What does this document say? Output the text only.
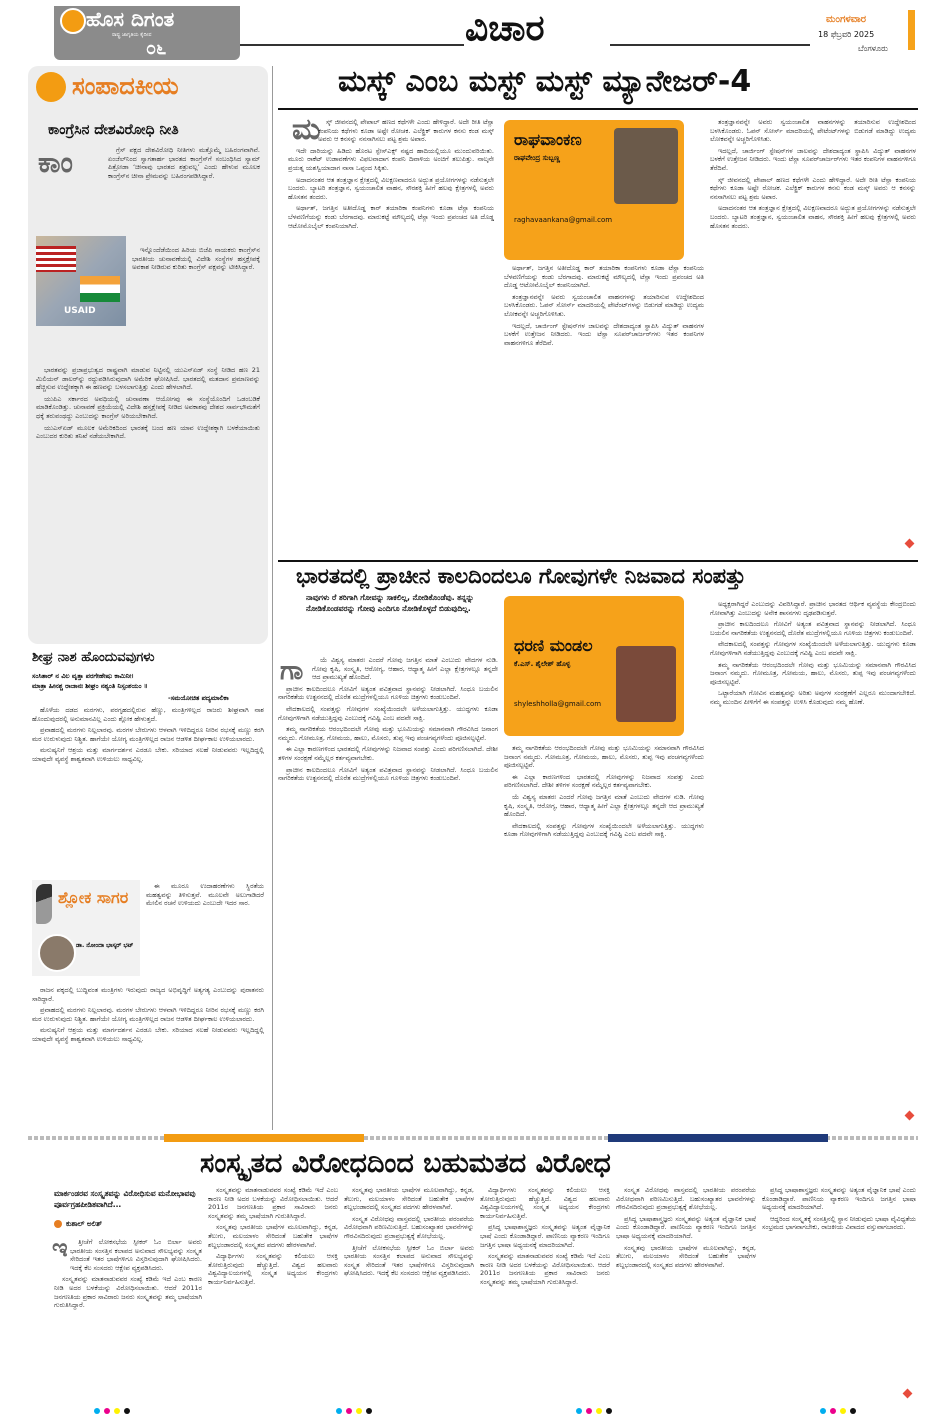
ಹೊಸ ದಿಗಂತ
ರಾಷ್ಟ್ರ ಜಾಗೃತಿಯ ಕೈದೀಪ
೦೬	ವಿಚಾರ	ಮಂಗಳವಾರ
18 ಫೆಬ್ರವರಿ 2025
ಬೆಂಗಳೂರು
ಸಂಪಾದಕೀಯ
ಕಾಂಗ್ರೆಸಿನ ದೇಶವಿರೋಧಿ ನೀತಿ
ಕಾಂ	ಗ್ರೆಸ್ ಪಕ್ಷದ ದೇಶವಿರೋಧಿ ನೀತಿಗಳು ಮತ್ತೊಮ್ಮೆ ಬಹಿರಂಗವಾಗಿವೆ. ಏಂಜೆಲ್‌ನಿಂದ ಸ್ವಾಗತಾರ್ಹ ಭಾರತದ ಕಾಂಗ್ರೆಸ್‌ಗೆ ಸಂಬಂಧಿಸಿದ ಸ್ಯಾಮ್ ಪಿತ್ರೋಡಾ ‘ಚೀನಾವು ಭಾರತದ ಶತ್ರುವಲ್ಲ’ ಎಂದು ಹೇಳುವ ಮೂಲಕ ಕಾಂಗ್ರೆಸ್‌ನ ಚೀನಾ ಪ್ರೇಮವನ್ನು ಬಹಿರಂಗಪಡಿಸಿದ್ದಾರೆ.

USAID

ಇನ್ನೊಂದೆಡೆಯಿಂದ ಹಿರಿಯ ಬಿಜೆಪಿ ನಾಯಕರು ಕಾಂಗ್ರೆಸ್‌ನ ಭಾರತೀಯ ಚುನಾವಣೆಯಲ್ಲಿ ವಿದೇಶಿ ಸಂಸ್ಥೆಗಳ ಹಸ್ತಕ್ಷೇಪಕ್ಕೆ ಅವಕಾಶ ನೀಡಿರುವ ಕುರಿತು ಕಾಂಗ್ರೆಸ್ ಪಕ್ಷವನ್ನು ಟೀಕಿಸಿದ್ದಾರೆ.

ಭಾರತವನ್ನು ಪ್ರಜಾಪ್ರಭುತ್ವದ ರಾಷ್ಟ್ರವಾಗಿ ಮಾಡುವ ನಿಟ್ಟಿನಲ್ಲಿ ಯುಎಸ್‌ಏಡ್ ಸಂಸ್ಥೆ ನೀಡಿದ ಹಣ 21 ಮಿಲಿಯನ್ ಡಾಲರ್‌ನ್ನು ರದ್ದುಪಡಿಸಿರುವುದಾಗಿ ಅಮೆರಿಕ ಘೋಷಿಸಿದೆ. ಭಾರತದಲ್ಲಿ ಮತದಾನ ಪ್ರಮಾಣವನ್ನು ಹೆಚ್ಚಿಸುವ ಉದ್ದೇಶಕ್ಕಾಗಿ ಈ ಹಣವನ್ನು ಬಳಸಲಾಗುತ್ತಿತ್ತು ಎಂದು ಹೇಳಲಾಗಿದೆ.

ಯುಪಿಎ ಸರ್ಕಾರದ ಅವಧಿಯಲ್ಲಿ ಚುನಾವಣಾ ಆಯೋಗವು ಈ ಸಂಸ್ಥೆಯೊಂದಿಗೆ ಒಡಂಬಡಿಕೆ ಮಾಡಿಕೊಂಡಿತ್ತು. ಚುನಾವಣೆ ಪ್ರಕ್ರಿಯೆಯಲ್ಲಿ ವಿದೇಶಿ ಹಸ್ತಕ್ಷೇಪಕ್ಕೆ ನೀಡಿದ ಅವಕಾಶವು ದೇಶದ ಸಾರ್ವಭೌಮತೆಗೆ ಧಕ್ಕೆ ತರುವಂಥದ್ದು ಎಂಬುದನ್ನು ಕಾಂಗ್ರೆಸ್ ಅರಿಯಬೇಕಾಗಿದೆ.

ಯುಎಸ್‌ಏಡ್ ಮೂಲಕ ಅಮೆರಿಕದಿಂದ ಭಾರತಕ್ಕೆ ಬಂದ ಹಣ ಯಾವ ಉದ್ದೇಶಕ್ಕಾಗಿ ಬಳಕೆಯಾಯಿತು ಎಂಬುದರ ಕುರಿತು ತನಿಖೆ ನಡೆಯಬೇಕಾಗಿದೆ.

ಶೀಘ್ರ ನಾಶ ಹೊಂದುವವುಗಳು
ಸಂಸಿತಾರ್ ನ ವಿಲ ವೃತ್ತಾ ಪರಗೇಹೇಷು ಕಾಮಿನೀ।
ಮಾತ್ರಾ ಹೀನಶ್ಚ ರಾಜಾನಃ ಶೀಘ್ರಂ ನಶ್ಯಂತಿ ನಿಸ್ಸಂಶಯಂ ॥
-ಸಮಯೋಚಿತ ಪದ್ಯಮಾಲಿಕಾ

ಹೊಳೆಯ ದಡದ ಮರಗಳು, ಪರಗೃಹದಲ್ಲಿರುವ ಹೆಣ್ಣು, ಮಂತ್ರಿಗಳಿಲ್ಲದ ರಾಜರು ಶೀಘ್ರವಾಗಿ ನಾಶ ಹೊಂದುವುದರಲ್ಲಿ ಅನುಮಾನವಿಲ್ಲ ಎಂದು ಶ್ಲೋಕ ಹೇಳುತ್ತದೆ.

ಪ್ರವಾಹದಲ್ಲಿ ಮರಗಳು ನಿಲ್ಲಲಾರವು. ಮರಗಳ ಬೇರುಗಳು ಆಳವಾಗಿ ಇಳಿದಿದ್ದರೂ ನೀರಿನ ರಭಸಕ್ಕೆ ಮಣ್ಣು ಕರಗಿ ಮರ ಉರುಳುವುದು ನಿಶ್ಚಿತ. ಹಾಗೆಯೇ ಯೋಗ್ಯ ಮಂತ್ರಿಗಳಿಲ್ಲದ ರಾಜನ ಆಡಳಿತ ದೀರ್ಘಕಾಲ ಉಳಿಯಲಾರದು.

ಮನುಷ್ಯನಿಗೆ ಆಶ್ರಯ ಮತ್ತು ಮಾರ್ಗದರ್ಶನ ಎರಡೂ ಬೇಕು. ಸರಿಯಾದ ಸಲಹೆ ನೀಡುವವರು ಇಲ್ಲದಿದ್ದಲ್ಲಿ ಯಾವುದೇ ವ್ಯವಸ್ಥೆ ಶಾಶ್ವತವಾಗಿ ಉಳಿಯಲು ಸಾಧ್ಯವಿಲ್ಲ.

ಶ್ಲೋಕ ಸಾಗರ
ಡಾ. ನೋಂದಾ ಭಾಸ್ಕರ್ ಭಟ್

ಈ ಮೂರೂ ಉದಾಹರಣೆಗಳು ಸ್ಥಿರತೆಯ ಮಹತ್ವವನ್ನು ತಿಳಿಸುತ್ತವೆ. ಮೂಲವೇ ಅಲುಗಾಡಿದರೆ ಮೇಲಿನ ರಚನೆ ಉಳಿಯದು ಎಂಬುದೇ ಇದರ ಸಾರ.

ರಾಜನ ಪಕ್ಕದಲ್ಲಿ ಬುದ್ಧಿವಂತ ಮಂತ್ರಿಗಳು ಇರುವುದು ರಾಜ್ಯದ ಅಭಿವೃದ್ಧಿಗೆ ಅತ್ಯಗತ್ಯ ಎಂಬುದನ್ನು ಪುರಾತನರು ಸಾರಿದ್ದಾರೆ.

ಪ್ರವಾಹದಲ್ಲಿ ಮರಗಳು ನಿಲ್ಲಲಾರವು. ಮರಗಳ ಬೇರುಗಳು ಆಳವಾಗಿ ಇಳಿದಿದ್ದರೂ ನೀರಿನ ರಭಸಕ್ಕೆ ಮಣ್ಣು ಕರಗಿ ಮರ ಉರುಳುವುದು ನಿಶ್ಚಿತ. ಹಾಗೆಯೇ ಯೋಗ್ಯ ಮಂತ್ರಿಗಳಿಲ್ಲದ ರಾಜನ ಆಡಳಿತ ದೀರ್ಘಕಾಲ ಉಳಿಯಲಾರದು.

ಮನುಷ್ಯನಿಗೆ ಆಶ್ರಯ ಮತ್ತು ಮಾರ್ಗದರ್ಶನ ಎರಡೂ ಬೇಕು. ಸರಿಯಾದ ಸಲಹೆ ನೀಡುವವರು ಇಲ್ಲದಿದ್ದಲ್ಲಿ ಯಾವುದೇ ವ್ಯವಸ್ಥೆ ಶಾಶ್ವತವಾಗಿ ಉಳಿಯಲು ಸಾಧ್ಯವಿಲ್ಲ.

ಮಸ್ಕ್ ಎಂಬ ಮಸ್ಟ್ ಮಸ್ಟ್ ಮ್ಯಾನೇಜರ್-4
ಮ ಸ್ಕ್ ಜೀವನದಲ್ಲಿ ಪೇಪಾಲ್ ಹಣದ ಕಥೆಗಳೇ ಎಂದು ಹೇಳಿದ್ದಾರೆ. ಅದೇ ರೀತಿ ಟೆಸ್ಲಾ ಕಂಪನಿಯ ಕಥೆಗಳು ಕೂಡಾ ಅಷ್ಟೇ ರೋಚಕ. ಎಲೆಕ್ಟ್ರಿಕ್ ಕಾರುಗಳ ಕನಸು ಕಂಡ ಮಸ್ಕ್ ಅವರು ಆ ಕನಸನ್ನು ನನಸಾಗಿಸಲು ಪಟ್ಟ ಶ್ರಮ ಅಪಾರ.

ಇದೇ ದಾರಿಯನ್ನು ಹಿಡಿದು ಹೊರಟ ಸ್ಪೇಸ್‌ಎಕ್ಸ್ ನಷ್ಟದ ಹಾದಿಯಲ್ಲಿಯೂ ಮುಂದುವರಿಯಿತು. ಮೂರು ರಾಕೆಟ್ ಉಡಾವಣೆಗಳು ವಿಫಲವಾದಾಗ ಕಂಪನಿ ದಿವಾಳಿಯ ಅಂಚಿಗೆ ತಲುಪಿತ್ತು. ನಾಲ್ಕನೇ ಪ್ರಯತ್ನ ಯಶಸ್ವಿಯಾದಾಗ ನಾಸಾ ಒಪ್ಪಂದ ಸಿಕ್ಕಿತು.

ಅದಾದನಂತರ ಆತ ತಂತ್ರಜ್ಞಾನ ಕ್ಷೇತ್ರದಲ್ಲಿ ವಿಲಕ್ಷಣವಾದರೂ ಅದ್ಭುತ ಪ್ರಯೋಗಗಳನ್ನು ನಡೆಸುತ್ತಲೇ ಬಂದರು. ಬ್ಯಾಟರಿ ತಂತ್ರಜ್ಞಾನ, ಸ್ವಯಂಚಾಲಿತ ವಾಹನ, ಸೌರಶಕ್ತಿ ಹೀಗೆ ಹಲವು ಕ್ಷೇತ್ರಗಳಲ್ಲಿ ಅವರು ಹೊಸತನ ತಂದರು.

ಅರ್ಥಾತ್, ಜಗತ್ತಿನ ಅತೀದೊಡ್ಡ ಕಾರ್ ತಯಾರಿಕಾ ಕಂಪನಿಗಳು ಕೂಡಾ ಟೆಸ್ಲಾ ಕಂಪನಿಯ ಬೆಳವಣಿಗೆಯನ್ನು ಕಂಡು ಬೆರಗಾದವು. ಮಾರುಕಟ್ಟೆ ಮೌಲ್ಯದಲ್ಲಿ ಟೆಸ್ಲಾ ಇಂದು ಪ್ರಪಂಚದ ಅತಿ ದೊಡ್ಡ ಆಟೋಮೊಬೈಲ್ ಕಂಪನಿಯಾಗಿದೆ.

ರಾಘವಾಂಕಣ
ರಾಘವೇಂದ್ರ ಸುಬ್ಬಣ್ಣ
raghavaankana@gmail.com

ಅರ್ಥಾತ್, ಜಗತ್ತಿನ ಅತೀದೊಡ್ಡ ಕಾರ್ ತಯಾರಿಕಾ ಕಂಪನಿಗಳು ಕೂಡಾ ಟೆಸ್ಲಾ ಕಂಪನಿಯ ಬೆಳವಣಿಗೆಯನ್ನು ಕಂಡು ಬೆರಗಾದವು. ಮಾರುಕಟ್ಟೆ ಮೌಲ್ಯದಲ್ಲಿ ಟೆಸ್ಲಾ ಇಂದು ಪ್ರಪಂಚದ ಅತಿ ದೊಡ್ಡ ಆಟೋಮೊಬೈಲ್ ಕಂಪನಿಯಾಗಿದೆ.

ತಂತ್ರಜ್ಞಾನವನ್ನೇ ಅವರು ಸ್ವಯಂಚಾಲಿತ ವಾಹನಗಳನ್ನು ತಯಾರಿಸುವ ಉದ್ದೇಶದಿಂದ ಬಳಸಿಕೊಂಡರು. ಓಪನ್ ಸೋರ್ಸ್ ಮಾದರಿಯಲ್ಲಿ ಪೇಟೆಂಟ್‌ಗಳನ್ನು ಬಿಡುಗಡೆ ಮಾಡಿದ್ದು ಉದ್ಯಮ ಲೋಕವನ್ನೇ ಅಚ್ಚರಿಗೊಳಿಸಿತು.

ಇದಲ್ಲದೆ, ಚಾರ್ಜಿಂಗ್ ಸ್ಟೇಷನ್‌ಗಳ ಜಾಲವನ್ನು ದೇಶದಾದ್ಯಂತ ಸ್ಥಾಪಿಸಿ ವಿದ್ಯುತ್ ವಾಹನಗಳ ಬಳಕೆಗೆ ಉತ್ತೇಜನ ನೀಡಿದರು. ಇಂದು ಟೆಸ್ಲಾ ಸೂಪರ್‌ಚಾರ್ಜರ್‌ಗಳು ಇತರ ಕಂಪನಿಗಳ ವಾಹನಗಳಿಗೂ ತೆರೆದಿವೆ.

ತಂತ್ರಜ್ಞಾನವನ್ನೇ ಅವರು ಸ್ವಯಂಚಾಲಿತ ವಾಹನಗಳನ್ನು ತಯಾರಿಸುವ ಉದ್ದೇಶದಿಂದ ಬಳಸಿಕೊಂಡರು. ಓಪನ್ ಸೋರ್ಸ್ ಮಾದರಿಯಲ್ಲಿ ಪೇಟೆಂಟ್‌ಗಳನ್ನು ಬಿಡುಗಡೆ ಮಾಡಿದ್ದು ಉದ್ಯಮ ಲೋಕವನ್ನೇ ಅಚ್ಚರಿಗೊಳಿಸಿತು.

ಇದಲ್ಲದೆ, ಚಾರ್ಜಿಂಗ್ ಸ್ಟೇಷನ್‌ಗಳ ಜಾಲವನ್ನು ದೇಶದಾದ್ಯಂತ ಸ್ಥಾಪಿಸಿ ವಿದ್ಯುತ್ ವಾಹನಗಳ ಬಳಕೆಗೆ ಉತ್ತೇಜನ ನೀಡಿದರು. ಇಂದು ಟೆಸ್ಲಾ ಸೂಪರ್‌ಚಾರ್ಜರ್‌ಗಳು ಇತರ ಕಂಪನಿಗಳ ವಾಹನಗಳಿಗೂ ತೆರೆದಿವೆ.

ಸ್ಕ್ ಜೀವನದಲ್ಲಿ ಪೇಪಾಲ್ ಹಣದ ಕಥೆಗಳೇ ಎಂದು ಹೇಳಿದ್ದಾರೆ. ಅದೇ ರೀತಿ ಟೆಸ್ಲಾ ಕಂಪನಿಯ ಕಥೆಗಳು ಕೂಡಾ ಅಷ್ಟೇ ರೋಚಕ. ಎಲೆಕ್ಟ್ರಿಕ್ ಕಾರುಗಳ ಕನಸು ಕಂಡ ಮಸ್ಕ್ ಅವರು ಆ ಕನಸನ್ನು ನನಸಾಗಿಸಲು ಪಟ್ಟ ಶ್ರಮ ಅಪಾರ.

ಅದಾದನಂತರ ಆತ ತಂತ್ರಜ್ಞಾನ ಕ್ಷೇತ್ರದಲ್ಲಿ ವಿಲಕ್ಷಣವಾದರೂ ಅದ್ಭುತ ಪ್ರಯೋಗಗಳನ್ನು ನಡೆಸುತ್ತಲೇ ಬಂದರು. ಬ್ಯಾಟರಿ ತಂತ್ರಜ್ಞಾನ, ಸ್ವಯಂಚಾಲಿತ ವಾಹನ, ಸೌರಶಕ್ತಿ ಹೀಗೆ ಹಲವು ಕ್ಷೇತ್ರಗಳಲ್ಲಿ ಅವರು ಹೊಸತನ ತಂದರು.

ಭಾರತದಲ್ಲಿ ಪ್ರಾಚೀನ ಕಾಲದಿಂದಲೂ ಗೋವುಗಳೇ ನಿಜವಾದ ಸಂಪತ್ತು
ನಾವುಗಳು ರೆ ತರಿಗಾಗಿ ಗೋವನ್ನು ಸಾಕಲಿಲ್ಲ, ನೋಡಿಕೊಂಡೆವು. ತನ್ನನ್ನು ನೋಡಿಕೊಂಡವರನ್ನು ಗೋವು ಎಂದಿಗೂ ನೋಡಿಕೊಳ್ಳದೆ ಬಿಡುವುದಿಲ್ಲ.
ಗಾ	ಯೆ ವಿಶ್ವಸ್ಯ ಮಾತರಃ ಎಂದರೆ ಗೋವು ಜಗತ್ತಿನ ಮಾತೆ ಎಂಬುದು ವೇದಗಳ ನುಡಿ. ಗೋವು ಕೃಷಿ, ಸಂಸ್ಕೃತಿ, ಆರೋಗ್ಯ, ಆಹಾರ, ಆಧ್ಯಾತ್ಮ ಹೀಗೆ ಎಲ್ಲಾ ಕ್ಷೇತ್ರಗಳಲ್ಲೂ ತನ್ನದೇ ಆದ ಪ್ರಾಮುಖ್ಯತೆ ಹೊಂದಿದೆ.

ಪ್ರಾಚೀನ ಕಾಲದಿಂದಲೂ ಗೋವಿಗೆ ಅತ್ಯಂತ ಪವಿತ್ರವಾದ ಸ್ಥಾನವನ್ನು ನೀಡಲಾಗಿದೆ. ಸಿಂಧೂ ಬಯಲಿನ ನಾಗರಿಕತೆಯ ಉತ್ಖನನದಲ್ಲಿ ದೊರೆತ ಮುದ್ರೆಗಳಲ್ಲಿಯೂ ಗೂಳಿಯ ಚಿತ್ರಗಳು ಕಂಡುಬಂದಿವೆ.

ವೇದಕಾಲದಲ್ಲಿ ಸಂಪತ್ತನ್ನು ಗೋವುಗಳ ಸಂಖ್ಯೆಯಿಂದಲೇ ಅಳೆಯಲಾಗುತ್ತಿತ್ತು. ಯುದ್ಧಗಳು ಕೂಡಾ ಗೋವುಗಳಿಗಾಗಿ ನಡೆಯುತ್ತಿದ್ದವು ಎಂಬುದಕ್ಕೆ ಗವಿಷ್ಟಿ ಎಂಬ ಪದವೇ ಸಾಕ್ಷಿ.

ತಮ್ಮ ನಾಗರಿಕತೆಯ ಆರಂಭದಿಂದಲೇ ಗೋವು ಮತ್ತು ಭೂಮಿಯನ್ನು ಸಮಾನವಾಗಿ ಗೌರವಿಸಿದ ಜನಾಂಗ ನಮ್ಮದು. ಗೋಮೂತ್ರ, ಗೋಮಯ, ಹಾಲು, ಮೊಸರು, ತುಪ್ಪ ಇವು ಪಂಚಗವ್ಯಗಳೆಂದು ಪೂಜಿಸಲ್ಪಟ್ಟಿವೆ.

ಈ ಎಲ್ಲಾ ಕಾರಣಗಳಿಂದ ಭಾರತದಲ್ಲಿ ಗೋವುಗಳನ್ನು ನಿಜವಾದ ಸಂಪತ್ತು ಎಂದು ಪರಿಗಣಿಸಲಾಗಿದೆ. ದೇಶೀ ತಳಿಗಳ ಸಂರಕ್ಷಣೆ ನಮ್ಮೆಲ್ಲರ ಕರ್ತವ್ಯವಾಗಬೇಕು.

ಪ್ರಾಚೀನ ಕಾಲದಿಂದಲೂ ಗೋವಿಗೆ ಅತ್ಯಂತ ಪವಿತ್ರವಾದ ಸ್ಥಾನವನ್ನು ನೀಡಲಾಗಿದೆ. ಸಿಂಧೂ ಬಯಲಿನ ನಾಗರಿಕತೆಯ ಉತ್ಖನನದಲ್ಲಿ ದೊರೆತ ಮುದ್ರೆಗಳಲ್ಲಿಯೂ ಗೂಳಿಯ ಚಿತ್ರಗಳು ಕಂಡುಬಂದಿವೆ.

ಧರಣಿ ಮಂಡಲ
ಕೆ.ಎಸ್. ಶೈಲೇಶ್ ಹೊಳ್ಳ
shyleshholla@gmail.com

ತಮ್ಮ ನಾಗರಿಕತೆಯ ಆರಂಭದಿಂದಲೇ ಗೋವು ಮತ್ತು ಭೂಮಿಯನ್ನು ಸಮಾನವಾಗಿ ಗೌರವಿಸಿದ ಜನಾಂಗ ನಮ್ಮದು. ಗೋಮೂತ್ರ, ಗೋಮಯ, ಹಾಲು, ಮೊಸರು, ತುಪ್ಪ ಇವು ಪಂಚಗವ್ಯಗಳೆಂದು ಪೂಜಿಸಲ್ಪಟ್ಟಿವೆ.

ಈ ಎಲ್ಲಾ ಕಾರಣಗಳಿಂದ ಭಾರತದಲ್ಲಿ ಗೋವುಗಳನ್ನು ನಿಜವಾದ ಸಂಪತ್ತು ಎಂದು ಪರಿಗಣಿಸಲಾಗಿದೆ. ದೇಶೀ ತಳಿಗಳ ಸಂರಕ್ಷಣೆ ನಮ್ಮೆಲ್ಲರ ಕರ್ತವ್ಯವಾಗಬೇಕು.

ಯೆ ವಿಶ್ವಸ್ಯ ಮಾತರಃ ಎಂದರೆ ಗೋವು ಜಗತ್ತಿನ ಮಾತೆ ಎಂಬುದು ವೇದಗಳ ನುಡಿ. ಗೋವು ಕೃಷಿ, ಸಂಸ್ಕೃತಿ, ಆರೋಗ್ಯ, ಆಹಾರ, ಆಧ್ಯಾತ್ಮ ಹೀಗೆ ಎಲ್ಲಾ ಕ್ಷೇತ್ರಗಳಲ್ಲೂ ತನ್ನದೇ ಆದ ಪ್ರಾಮುಖ್ಯತೆ ಹೊಂದಿದೆ.

ವೇದಕಾಲದಲ್ಲಿ ಸಂಪತ್ತನ್ನು ಗೋವುಗಳ ಸಂಖ್ಯೆಯಿಂದಲೇ ಅಳೆಯಲಾಗುತ್ತಿತ್ತು. ಯುದ್ಧಗಳು ಕೂಡಾ ಗೋವುಗಳಿಗಾಗಿ ನಡೆಯುತ್ತಿದ್ದವು ಎಂಬುದಕ್ಕೆ ಗವಿಷ್ಟಿ ಎಂಬ ಪದವೇ ಸಾಕ್ಷಿ.

ಅಧ್ಯಕ್ಷರಾಗಿದ್ದರೆ ಎಂಬುದನ್ನು ವಿವರಿಸಿದ್ದಾರೆ. ಪ್ರಾಚೀನ ಭಾರತದ ಆರ್ಥಿಕ ವ್ಯವಸ್ಥೆಯ ಕೇಂದ್ರಬಿಂದು ಗೋವಾಗಿತ್ತು ಎಂಬುದನ್ನು ಅನೇಕ ಶಾಸನಗಳು ದೃಢಪಡಿಸುತ್ತವೆ.

ಪ್ರಾಚೀನ ಕಾಲದಿಂದಲೂ ಗೋವಿಗೆ ಅತ್ಯಂತ ಪವಿತ್ರವಾದ ಸ್ಥಾನವನ್ನು ನೀಡಲಾಗಿದೆ. ಸಿಂಧೂ ಬಯಲಿನ ನಾಗರಿಕತೆಯ ಉತ್ಖನನದಲ್ಲಿ ದೊರೆತ ಮುದ್ರೆಗಳಲ್ಲಿಯೂ ಗೂಳಿಯ ಚಿತ್ರಗಳು ಕಂಡುಬಂದಿವೆ.

ವೇದಕಾಲದಲ್ಲಿ ಸಂಪತ್ತನ್ನು ಗೋವುಗಳ ಸಂಖ್ಯೆಯಿಂದಲೇ ಅಳೆಯಲಾಗುತ್ತಿತ್ತು. ಯುದ್ಧಗಳು ಕೂಡಾ ಗೋವುಗಳಿಗಾಗಿ ನಡೆಯುತ್ತಿದ್ದವು ಎಂಬುದಕ್ಕೆ ಗವಿಷ್ಟಿ ಎಂಬ ಪದವೇ ಸಾಕ್ಷಿ.

ತಮ್ಮ ನಾಗರಿಕತೆಯ ಆರಂಭದಿಂದಲೇ ಗೋವು ಮತ್ತು ಭೂಮಿಯನ್ನು ಸಮಾನವಾಗಿ ಗೌರವಿಸಿದ ಜನಾಂಗ ನಮ್ಮದು. ಗೋಮೂತ್ರ, ಗೋಮಯ, ಹಾಲು, ಮೊಸರು, ತುಪ್ಪ ಇವು ಪಂಚಗವ್ಯಗಳೆಂದು ಪೂಜಿಸಲ್ಪಟ್ಟಿವೆ.

ಒಟ್ಟಾರೆಯಾಗಿ ಗೋವಿನ ಮಹತ್ವವನ್ನು ಅರಿತು ಅವುಗಳ ಸಂರಕ್ಷಣೆಗೆ ಎಲ್ಲರೂ ಮುಂದಾಗಬೇಕಿದೆ. ನಮ್ಮ ಮುಂದಿನ ಪೀಳಿಗೆಗೆ ಈ ಸಂಪತ್ತನ್ನು ಉಳಿಸಿ ಕೊಡುವುದು ನಮ್ಮ ಹೊಣೆ.

ಸಂಸ್ಕೃತದ ವಿರೋಧದಿಂದ ಬಹುಮತದ ವಿರೋಧ
ಮಾರ್ಕಂಡರವ ಸಂಸ್ಕೃತವನ್ನು ವಿರೋಧಿಸುವ ಮನೋಭಾವವು ಪೂರ್ವಗ್ರಹಪೀಡಿತವಾಗಿದೆ...
ಕುಶಾಲ್ ಅಲಿತ್
ಇ	ತ್ತೀಚೆಗೆ ಲೋಕಸಭೆಯ ಸ್ಪೀಕರ್ ಓಂ ಬಿರ್ಲಾ ಅವರು ಭಾರತೀಯ ಸಂಸತ್ತಿನ ಕಲಾಪದ ಅನುವಾದ ಸೌಲಭ್ಯವನ್ನು ಸಂಸ್ಕೃತ ಸೇರಿದಂತೆ ಇತರ ಭಾಷೆಗಳಿಗೂ ವಿಸ್ತರಿಸುವುದಾಗಿ ಘೋಷಿಸಿದರು. ಇದಕ್ಕೆ ಕೆಲ ಸಂಸದರು ಆಕ್ಷೇಪ ವ್ಯಕ್ತಪಡಿಸಿದರು.

ಸಂಸ್ಕೃತವನ್ನು ಮಾತನಾಡುವವರ ಸಂಖ್ಯೆ ಕಡಿಮೆ ಇದೆ ಎಂಬ ಕಾರಣ ನೀಡಿ ಅದರ ಬಳಕೆಯನ್ನು ವಿರೋಧಿಸಲಾಯಿತು. ಆದರೆ 2011ರ ಜನಗಣತಿಯ ಪ್ರಕಾರ ಸಾವಿರಾರು ಜನರು ಸಂಸ್ಕೃತವನ್ನು ತಮ್ಮ ಭಾಷೆಯಾಗಿ ಗುರುತಿಸಿದ್ದಾರೆ.

ಸಂಸ್ಕೃತವನ್ನು ಮಾತನಾಡುವವರ ಸಂಖ್ಯೆ ಕಡಿಮೆ ಇದೆ ಎಂಬ ಕಾರಣ ನೀಡಿ ಅದರ ಬಳಕೆಯನ್ನು ವಿರೋಧಿಸಲಾಯಿತು. ಆದರೆ 2011ರ ಜನಗಣತಿಯ ಪ್ರಕಾರ ಸಾವಿರಾರು ಜನರು ಸಂಸ್ಕೃತವನ್ನು ತಮ್ಮ ಭಾಷೆಯಾಗಿ ಗುರುತಿಸಿದ್ದಾರೆ.

ಸಂಸ್ಕೃತವು ಭಾರತೀಯ ಭಾಷೆಗಳ ಮೂಲವಾಗಿದ್ದು, ಕನ್ನಡ, ತೆಲುಗು, ಮಲಯಾಳಂ ಸೇರಿದಂತೆ ಬಹುತೇಕ ಭಾಷೆಗಳ ಶಬ್ದಭಂಡಾರದಲ್ಲಿ ಸಂಸ್ಕೃತದ ಪದಗಳು ಹೇರಳವಾಗಿವೆ.

ವಿದ್ಯಾರ್ಥಿಗಳು ಸಂಸ್ಕೃತವನ್ನು ಕಲಿಯಲು ಆಸಕ್ತಿ ತೋರುತ್ತಿರುವುದು ಹೆಚ್ಚುತ್ತಿದೆ. ವಿಶ್ವದ ಹಲವಾರು ವಿಶ್ವವಿದ್ಯಾಲಯಗಳಲ್ಲಿ ಸಂಸ್ಕೃತ ಅಧ್ಯಯನ ಕೇಂದ್ರಗಳು ಕಾರ್ಯನಿರ್ವಹಿಸುತ್ತಿವೆ.

ಸಂಸ್ಕೃತವು ಭಾರತೀಯ ಭಾಷೆಗಳ ಮೂಲವಾಗಿದ್ದು, ಕನ್ನಡ, ತೆಲುಗು, ಮಲಯಾಳಂ ಸೇರಿದಂತೆ ಬಹುತೇಕ ಭಾಷೆಗಳ ಶಬ್ದಭಂಡಾರದಲ್ಲಿ ಸಂಸ್ಕೃತದ ಪದಗಳು ಹೇರಳವಾಗಿವೆ.

ಸಂಸ್ಕೃತ ವಿರೋಧವು ವಾಸ್ತವದಲ್ಲಿ ಭಾರತೀಯ ಪರಂಪರೆಯ ವಿರೋಧವಾಗಿ ಪರಿಣಮಿಸುತ್ತಿದೆ. ಬಹುಸಂಖ್ಯಾತರ ಭಾವನೆಗಳನ್ನು ಗೌರವಿಸದಿರುವುದು ಪ್ರಜಾಪ್ರಭುತ್ವಕ್ಕೆ ಶೋಭೆಯಲ್ಲ.

ತ್ತೀಚೆಗೆ ಲೋಕಸಭೆಯ ಸ್ಪೀಕರ್ ಓಂ ಬಿರ್ಲಾ ಅವರು ಭಾರತೀಯ ಸಂಸತ್ತಿನ ಕಲಾಪದ ಅನುವಾದ ಸೌಲಭ್ಯವನ್ನು ಸಂಸ್ಕೃತ ಸೇರಿದಂತೆ ಇತರ ಭಾಷೆಗಳಿಗೂ ವಿಸ್ತರಿಸುವುದಾಗಿ ಘೋಷಿಸಿದರು. ಇದಕ್ಕೆ ಕೆಲ ಸಂಸದರು ಆಕ್ಷೇಪ ವ್ಯಕ್ತಪಡಿಸಿದರು.

ವಿದ್ಯಾರ್ಥಿಗಳು ಸಂಸ್ಕೃತವನ್ನು ಕಲಿಯಲು ಆಸಕ್ತಿ ತೋರುತ್ತಿರುವುದು ಹೆಚ್ಚುತ್ತಿದೆ. ವಿಶ್ವದ ಹಲವಾರು ವಿಶ್ವವಿದ್ಯಾಲಯಗಳಲ್ಲಿ ಸಂಸ್ಕೃತ ಅಧ್ಯಯನ ಕೇಂದ್ರಗಳು ಕಾರ್ಯನಿರ್ವಹಿಸುತ್ತಿವೆ.

ಪ್ರಸಿದ್ಧ ಭಾಷಾಶಾಸ್ತ್ರಜ್ಞರು ಸಂಸ್ಕೃತವನ್ನು ಅತ್ಯಂತ ವೈಜ್ಞಾನಿಕ ಭಾಷೆ ಎಂದು ಕೊಂಡಾಡಿದ್ದಾರೆ. ಪಾಣಿನಿಯ ವ್ಯಾಕರಣ ಇಂದಿಗೂ ಜಗತ್ತಿನ ಭಾಷಾ ಅಧ್ಯಯನಕ್ಕೆ ಮಾದರಿಯಾಗಿದೆ.

ಸಂಸ್ಕೃತವನ್ನು ಮಾತನಾಡುವವರ ಸಂಖ್ಯೆ ಕಡಿಮೆ ಇದೆ ಎಂಬ ಕಾರಣ ನೀಡಿ ಅದರ ಬಳಕೆಯನ್ನು ವಿರೋಧಿಸಲಾಯಿತು. ಆದರೆ 2011ರ ಜನಗಣತಿಯ ಪ್ರಕಾರ ಸಾವಿರಾರು ಜನರು ಸಂಸ್ಕೃತವನ್ನು ತಮ್ಮ ಭಾಷೆಯಾಗಿ ಗುರುತಿಸಿದ್ದಾರೆ.

ಸಂಸ್ಕೃತ ವಿರೋಧವು ವಾಸ್ತವದಲ್ಲಿ ಭಾರತೀಯ ಪರಂಪರೆಯ ವಿರೋಧವಾಗಿ ಪರಿಣಮಿಸುತ್ತಿದೆ. ಬಹುಸಂಖ್ಯಾತರ ಭಾವನೆಗಳನ್ನು ಗೌರವಿಸದಿರುವುದು ಪ್ರಜಾಪ್ರಭುತ್ವಕ್ಕೆ ಶೋಭೆಯಲ್ಲ.

ಪ್ರಸಿದ್ಧ ಭಾಷಾಶಾಸ್ತ್ರಜ್ಞರು ಸಂಸ್ಕೃತವನ್ನು ಅತ್ಯಂತ ವೈಜ್ಞಾನಿಕ ಭಾಷೆ ಎಂದು ಕೊಂಡಾಡಿದ್ದಾರೆ. ಪಾಣಿನಿಯ ವ್ಯಾಕರಣ ಇಂದಿಗೂ ಜಗತ್ತಿನ ಭಾಷಾ ಅಧ್ಯಯನಕ್ಕೆ ಮಾದರಿಯಾಗಿದೆ.

ಸಂಸ್ಕೃತವು ಭಾರತೀಯ ಭಾಷೆಗಳ ಮೂಲವಾಗಿದ್ದು, ಕನ್ನಡ, ತೆಲುಗು, ಮಲಯಾಳಂ ಸೇರಿದಂತೆ ಬಹುತೇಕ ಭಾಷೆಗಳ ಶಬ್ದಭಂಡಾರದಲ್ಲಿ ಸಂಸ್ಕೃತದ ಪದಗಳು ಹೇರಳವಾಗಿವೆ.

ಪ್ರಸಿದ್ಧ ಭಾಷಾಶಾಸ್ತ್ರಜ್ಞರು ಸಂಸ್ಕೃತವನ್ನು ಅತ್ಯಂತ ವೈಜ್ಞಾನಿಕ ಭಾಷೆ ಎಂದು ಕೊಂಡಾಡಿದ್ದಾರೆ. ಪಾಣಿನಿಯ ವ್ಯಾಕರಣ ಇಂದಿಗೂ ಜಗತ್ತಿನ ಭಾಷಾ ಅಧ್ಯಯನಕ್ಕೆ ಮಾದರಿಯಾಗಿದೆ.

ಆದ್ದರಿಂದ ಸಂಸ್ಕೃತಕ್ಕೆ ಸಂಸತ್ತಿನಲ್ಲಿ ಸ್ಥಾನ ನೀಡುವುದು ಭಾಷಾ ವೈವಿಧ್ಯತೆಯ ಸಂಭ್ರಮದ ಭಾಗವಾಗಬೇಕು, ರಾಜಕೀಯ ವಿವಾದದ ವಸ್ತುವಾಗಬಾರದು.
